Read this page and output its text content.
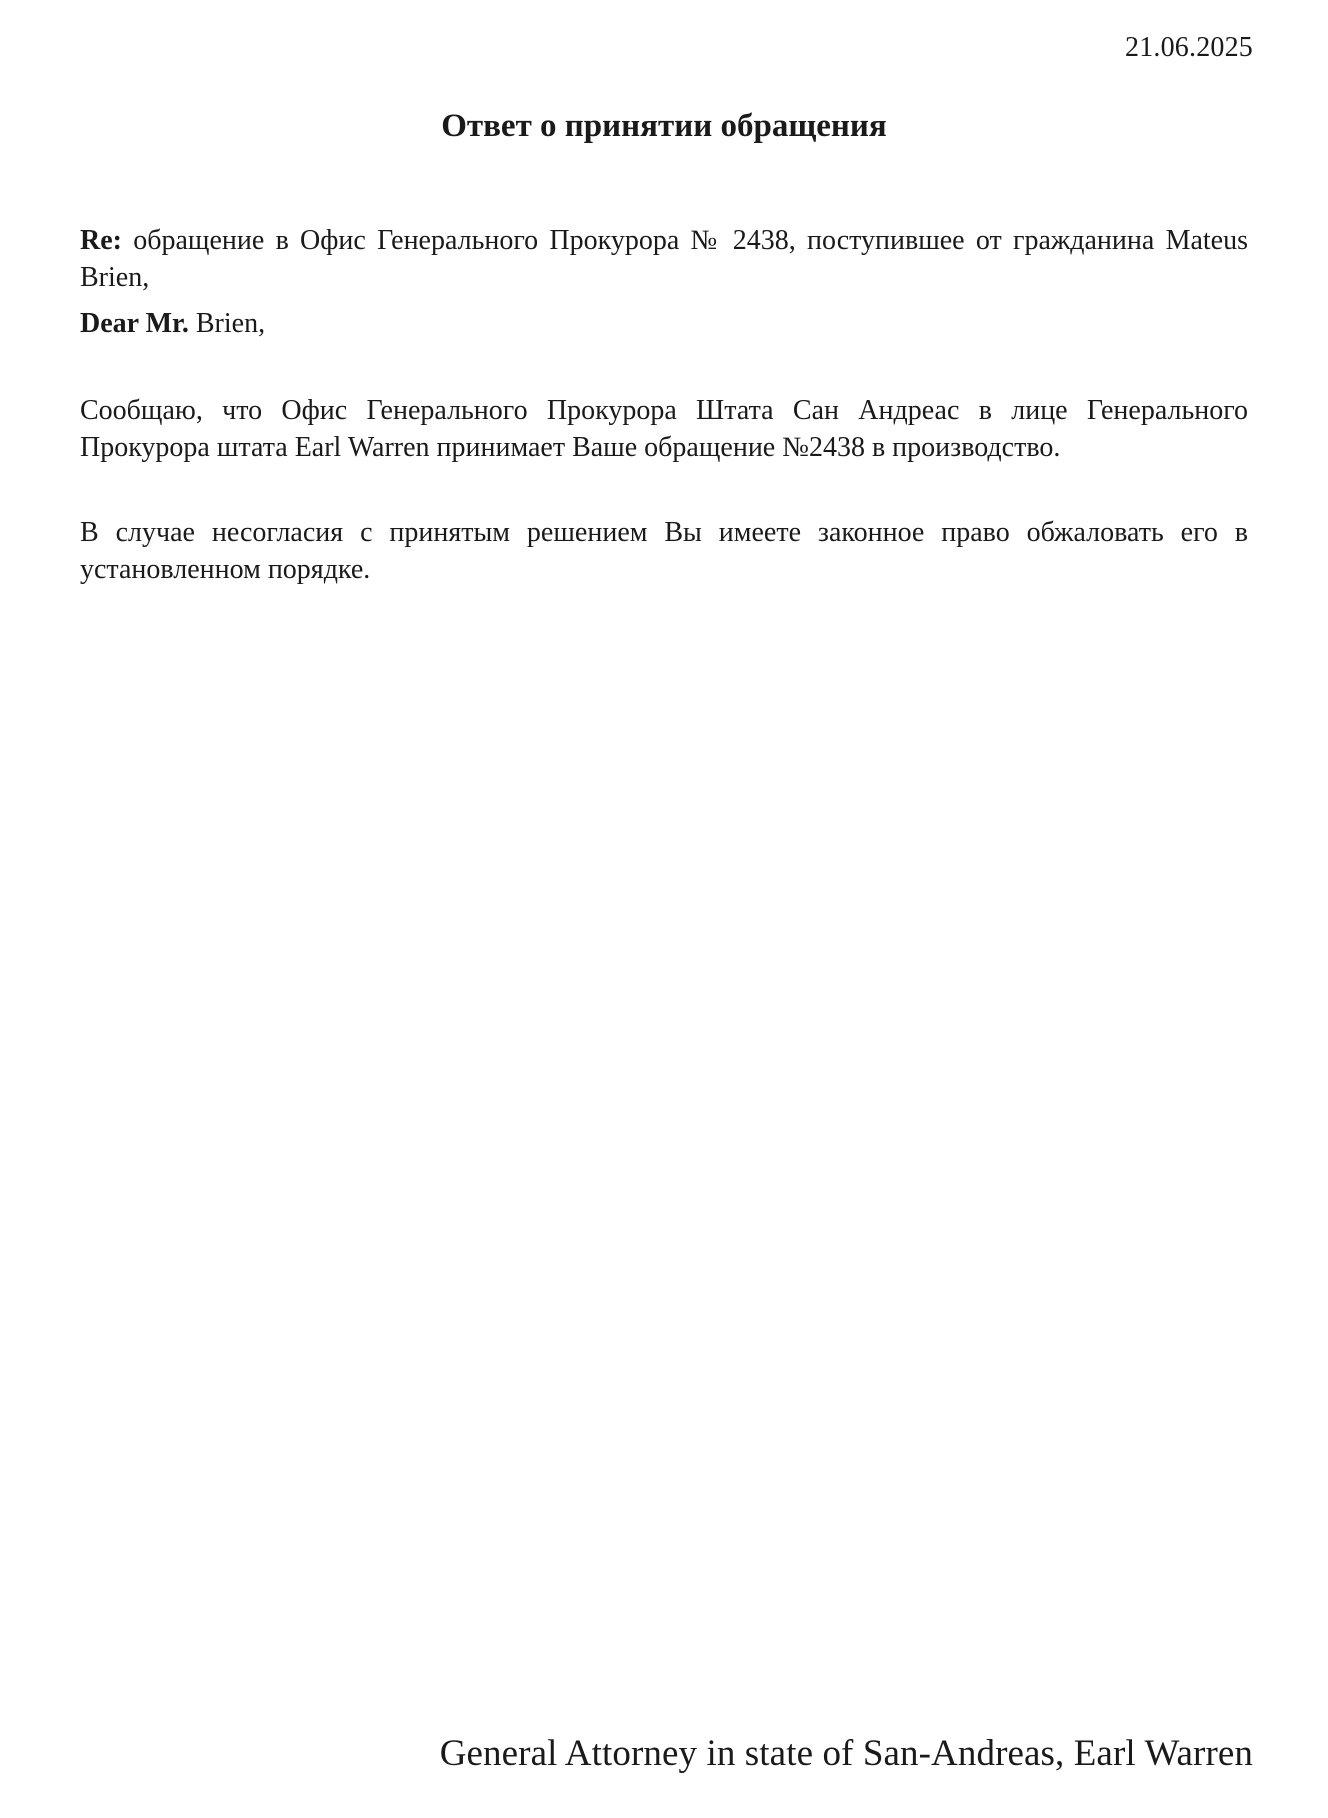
21.06.2025
Ответ о принятии обращения

Re: обращение в Офис Генерального Прокурора № 2438, поступившее от гражданина Mateus Brien,

Dear Mr. Brien,

Сообщаю, что Офис Генерального Прокурора Штата Сан Андреас в лице Генерального Прокурора штата Earl Warren принимает Ваше обращение №2438 в производство.

В случае несогласия с принятым решением Вы имеете законное право обжаловать его в установленном порядке.

General Attorney in state of San-Andreas, Earl Warren
